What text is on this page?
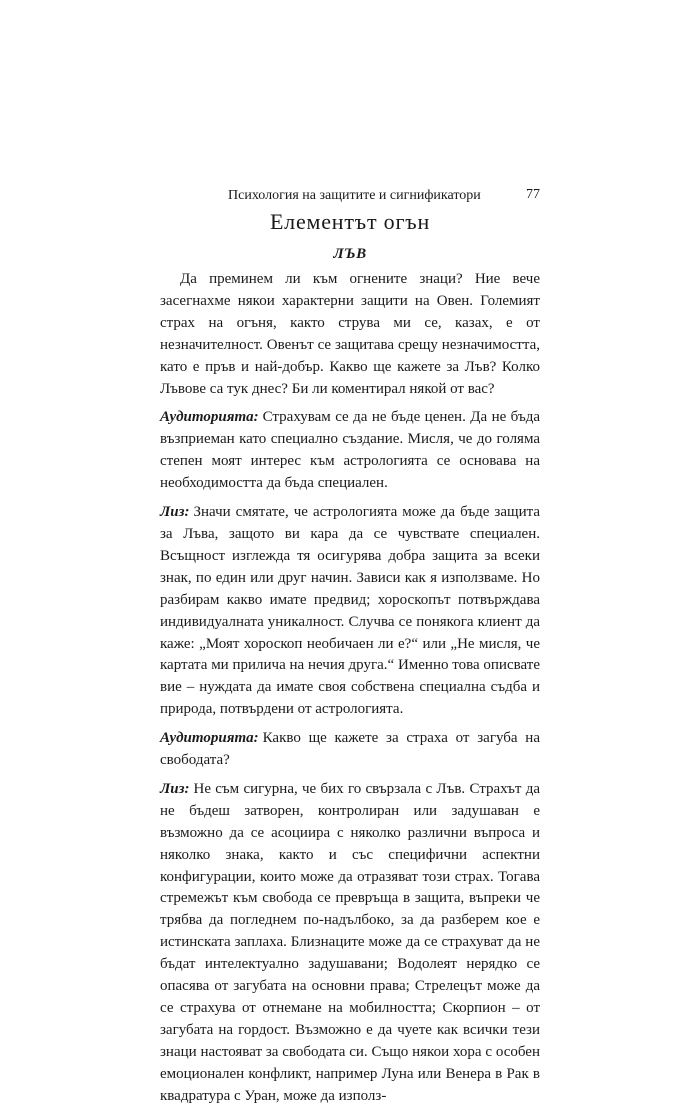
Психология на защитите и сигнификатори	77
Елементът огън
ЛЪВ

Да преминем ли към огнените знаци? Ние вече засегнахме някои характерни защити на Овен. Големият страх на огъня, както струва ми се, казах, е от незначителност. Овенът се защитава срещу незначимостта, като е пръв и най-добър. Какво ще кажете за Лъв? Колко Лъвове са тук днес? Би ли коментирал някой от вас?

Аудиторията: Страхувам се да не бъде ценен. Да не бъда възприеман като специално създание. Мисля, че до голяма степен моят интерес към астрологията се основава на необходимостта да бъда специален.

Лиз: Значи смятате, че астрологията може да бъде защита за Лъва, защото ви кара да се чувствате специален. Всъщност изглежда тя осигурява добра защита за всеки знак, по един или друг начин. Зависи как я използваме. Но разбирам какво имате предвид; хороскопът потвърждава индивидуалната уникалност. Случва се понякога клиент да каже: „Моят хороскоп необичаен ли е?“ или „Не мисля, че картата ми прилича на нечия друга.“ Именно това описвате вие – нуждата да имате своя собствена специална съдба и природа, потвърдени от астрологията.

Аудиторията: Какво ще кажете за страха от загуба на свободата?

Лиз: Не съм сигурна, че бих го свързала с Лъв. Страхът да не бъдеш затворен, контролиран или задушаван е възможно да се асоциира с няколко различни въпроса и няколко знака, както и със специфични аспектни конфигурации, които може да отразяват този страх. Тогава стремежът към свобода се превръща в защита, въпреки че трябва да погледнем по-надълбоко, за да разберем кое е истинската заплаха. Близнаците може да се страхуват да не бъдат интелектуално задушавани; Водолеят нерядко се опасява от загубата на основни права; Стрелецът може да се страхува от отнемане на мобилността; Скорпион – от загубата на гордост. Възможно е да чуете как всички тези знаци настояват за свободата си. Също някои хора с особен емоционален конфликт, например Луна или Венера в Рак в квадратура с Уран, може да използ-
